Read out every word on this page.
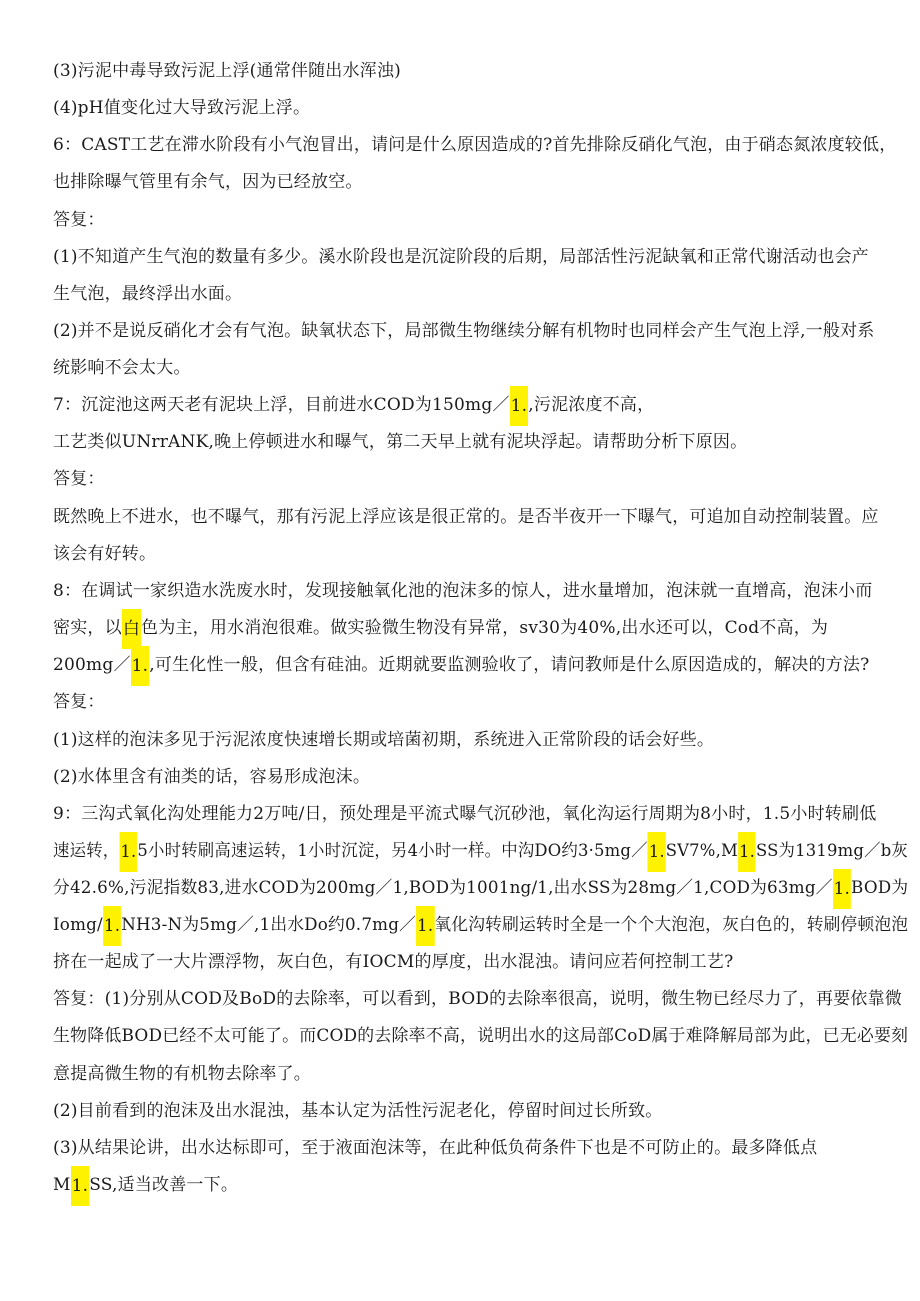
(3)污泥中毒导致污泥上浮(通常伴随出水浑浊)
(4)pH值变化过大导致污泥上浮。
6：CAST工艺在滞水阶段有小气泡冒出，请问是什么原因造成的?首先排除反硝化气泡，由于硝态氮浓度较低，
也排除曝气管里有余气，因为已经放空。
答复：
(1)不知道产生气泡的数量有多少。溪水阶段也是沉淀阶段的后期，局部活性污泥缺氧和正常代谢活动也会产
生气泡，最终浮出水面。
(2)并不是说反硝化才会有气泡。缺氧状态下，局部微生物继续分解有机物时也同样会产生气泡上浮,一般对系
统影响不会太大。
7：沉淀池这两天老有泥块上浮，目前进水COD为150mg／1.,污泥浓度不高，
工艺类似UNrrANK,晚上停顿进水和曝气，第二天早上就有泥块浮起。请帮助分析下原因。
答复：
既然晚上不进水，也不曝气，那有污泥上浮应该是很正常的。是否半夜开一下曝气，可追加自动控制装置。应
该会有好转。
8：在调试一家织造水洗废水时，发现接触氧化池的泡沫多的惊人，进水量增加，泡沫就一直增高，泡沫小而
密实，以白色为主，用水消泡很难。做实验微生物没有异常，sv30为40%,出水还可以，Cod不高，为
200mg／1.,可生化性一般，但含有硅油。近期就要监测验收了，请问教师是什么原因造成的，解决的方法?
答复：
(1)这样的泡沫多见于污泥浓度快速增长期或培菌初期，系统进入正常阶段的话会好些。
(2)水体里含有油类的话，容易形成泡沫。
9：三沟式氧化沟处理能力2万吨/日，预处理是平流式曝气沉砂池，氧化沟运行周期为8小时，1.5小时转刷低
速运转，1.5小时转刷高速运转，1小时沉淀，另4小时一样。中沟DO约3·5mg／1.SV7%,M1.SS为1319mg／b灰
分42.6%,污泥指数83,进水COD为200mg／1,BOD为1001ng/1,出水SS为28mg／1,COD为63mg／1.BOD为
Iomg/1.NH3-N为5mg／,1出水Do约0.7mg／1.氧化沟转刷运转时全是一个个大泡泡，灰白色的，转刷停顿泡泡
挤在一起成了一大片漂浮物，灰白色，有IOCM的厚度，出水混浊。请问应若何控制工艺?
答复：(1)分别从COD及BoD的去除率，可以看到，BOD的去除率很高，说明，微生物已经尽力了，再要依靠微
生物降低BOD已经不太可能了。而COD的去除率不高，说明出水的这局部CoD属于难降解局部为此，已无必要刻
意提高微生物的有机物去除率了。
(2)目前看到的泡沫及出水混浊，基本认定为活性污泥老化，停留时间过长所致。
(3)从结果论讲，出水达标即可，至于液面泡沫等，在此种低负荷条件下也是不可防止的。最多降低点
M1.SS,适当改善一下。
